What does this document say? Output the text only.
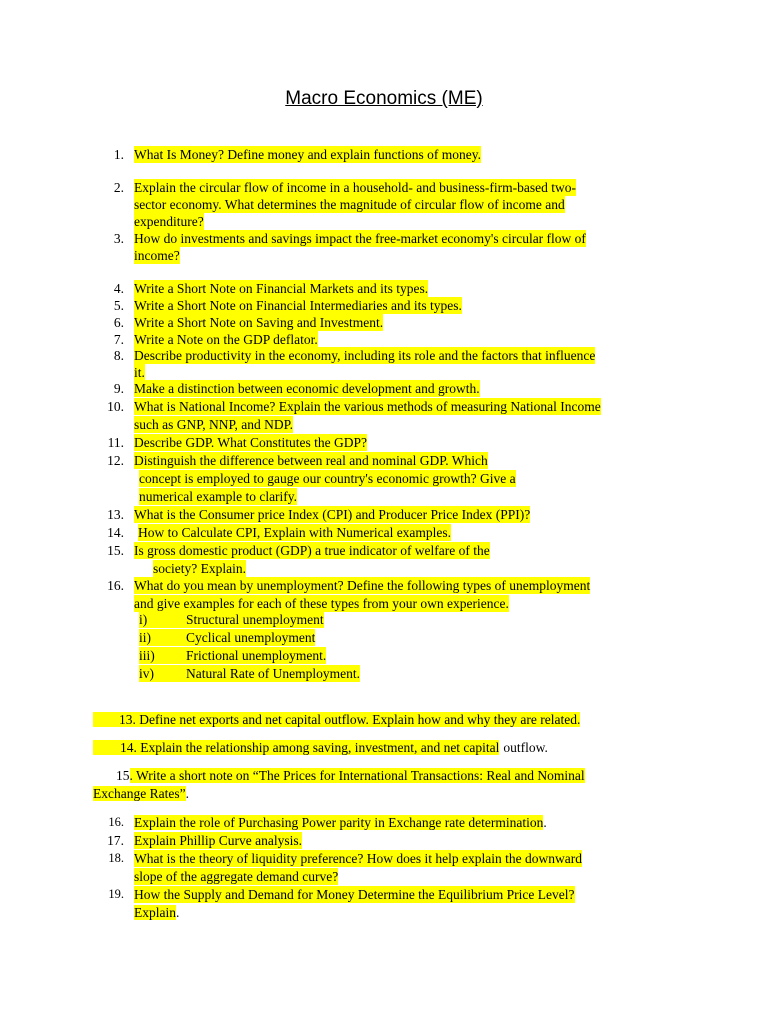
Macro Economics (ME)
1. What Is Money? Define money and explain functions of money.
2. Explain the circular flow of income in a household- and business-firm-based two-
sector economy. What determines the magnitude of circular flow of income and
expenditure?
3. How do investments and savings impact the free-market economy's circular flow of
income?
4. Write a Short Note on Financial Markets and its types.
5. Write a Short Note on Financial Intermediaries and its types.
6. Write a Short Note on Saving and Investment.
7. Write a Note on the GDP deflator.
8. Describe productivity in the economy, including its role and the factors that influence
it.
9. Make a distinction between economic development and growth.
10. What is National Income? Explain the various methods of measuring National Income
such as GNP, NNP, and NDP.
11. Describe GDP. What Constitutes the GDP?
12. Distinguish the difference between real and nominal GDP. Which
concept is employed to gauge our country's economic growth? Give a
numerical example to clarify.
13. What is the Consumer price Index (CPI) and Producer Price Index (PPI)?
14. How to Calculate CPI, Explain with Numerical examples.
15. Is gross domestic product (GDP) a true indicator of welfare of the
society? Explain.
16. What do you mean by unemployment? Define the following types of unemployment
and give examples for each of these types from your own experience.
i)	Structural unemployment
ii)	Cyclical unemployment
iii)	Frictional unemployment.
iv)	Natural Rate of Unemployment.
13. Define net exports and net capital outflow. Explain how and why they are related.
14. Explain the relationship among saving, investment, and net capital outflow.
15. Write a short note on “The Prices for International Transactions: Real and Nominal
Exchange Rates”.
16. Explain the role of Purchasing Power parity in Exchange rate determination.
17. Explain Phillip Curve analysis.
18. What is the theory of liquidity preference? How does it help explain the downward
slope of the aggregate demand curve?
19. How the Supply and Demand for Money Determine the Equilibrium Price Level?
Explain.
